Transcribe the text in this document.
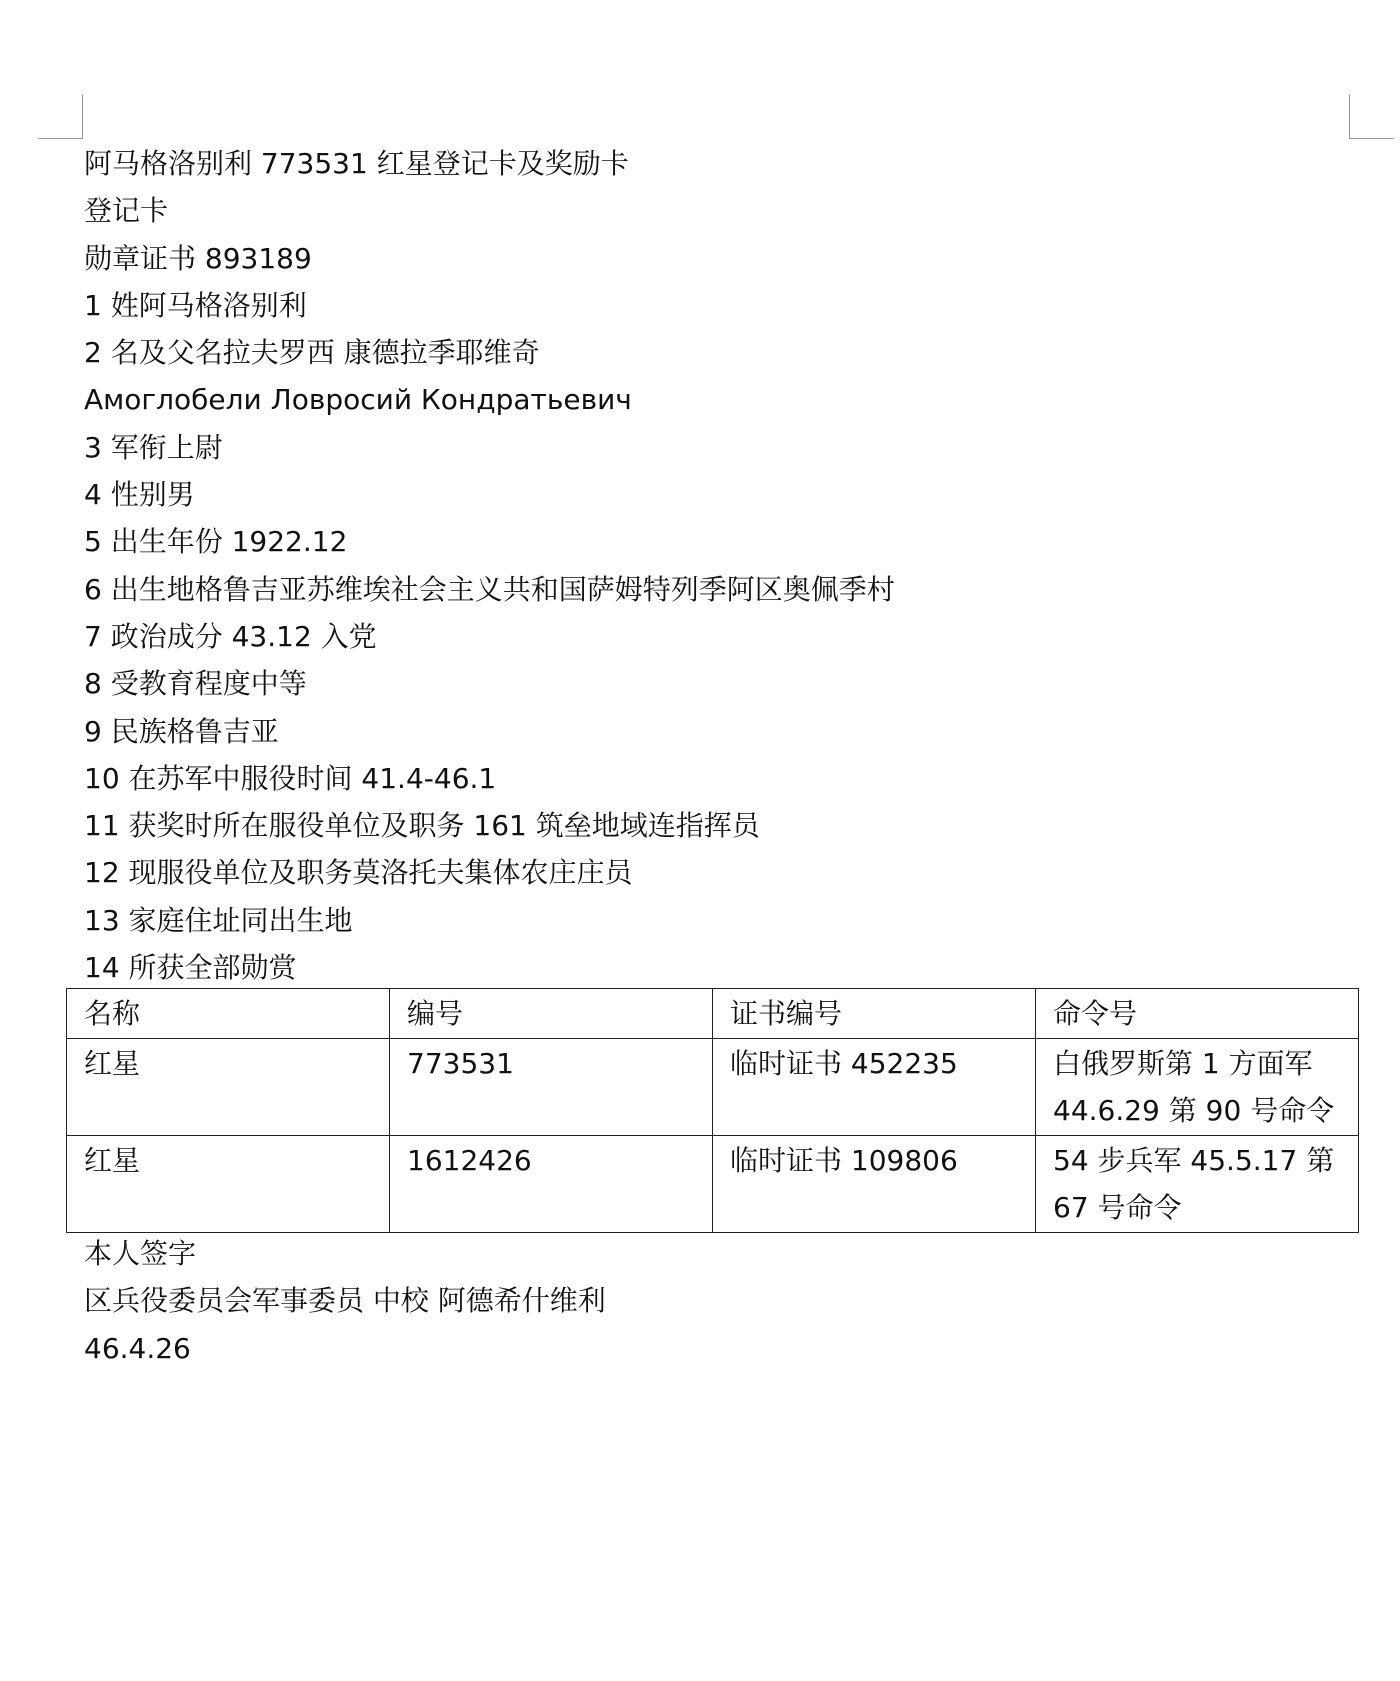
阿马格洛别利 773531 红星登记卡及奖励卡
登记卡
勋章证书 893189
1 姓阿马格洛别利
2 名及父名拉夫罗西 康德拉季耶维奇
Амоглобели Ловросий Кондратьевич
3 军衔上尉
4 性别男
5 出生年份 1922.12
6 出生地格鲁吉亚苏维埃社会主义共和国萨姆特列季阿区奥佩季村
7 政治成分 43.12 入党
8 受教育程度中等
9 民族格鲁吉亚
10 在苏军中服役时间 41.4-46.1
11 获奖时所在服役单位及职务 161 筑垒地域连指挥员
12 现服役单位及职务莫洛托夫集体农庄庄员
13 家庭住址同出生地
14 所获全部勋赏
名称	编号	证书编号	命令号
红星	773531	临时证书 452235	白俄罗斯第 1 方面军 44.6.29 第 90 号命令
红星	1612426	临时证书 109806	54 步兵军 45.5.17 第 67 号命令
本人签字
区兵役委员会军事委员 中校 阿德希什维利
46.4.26
